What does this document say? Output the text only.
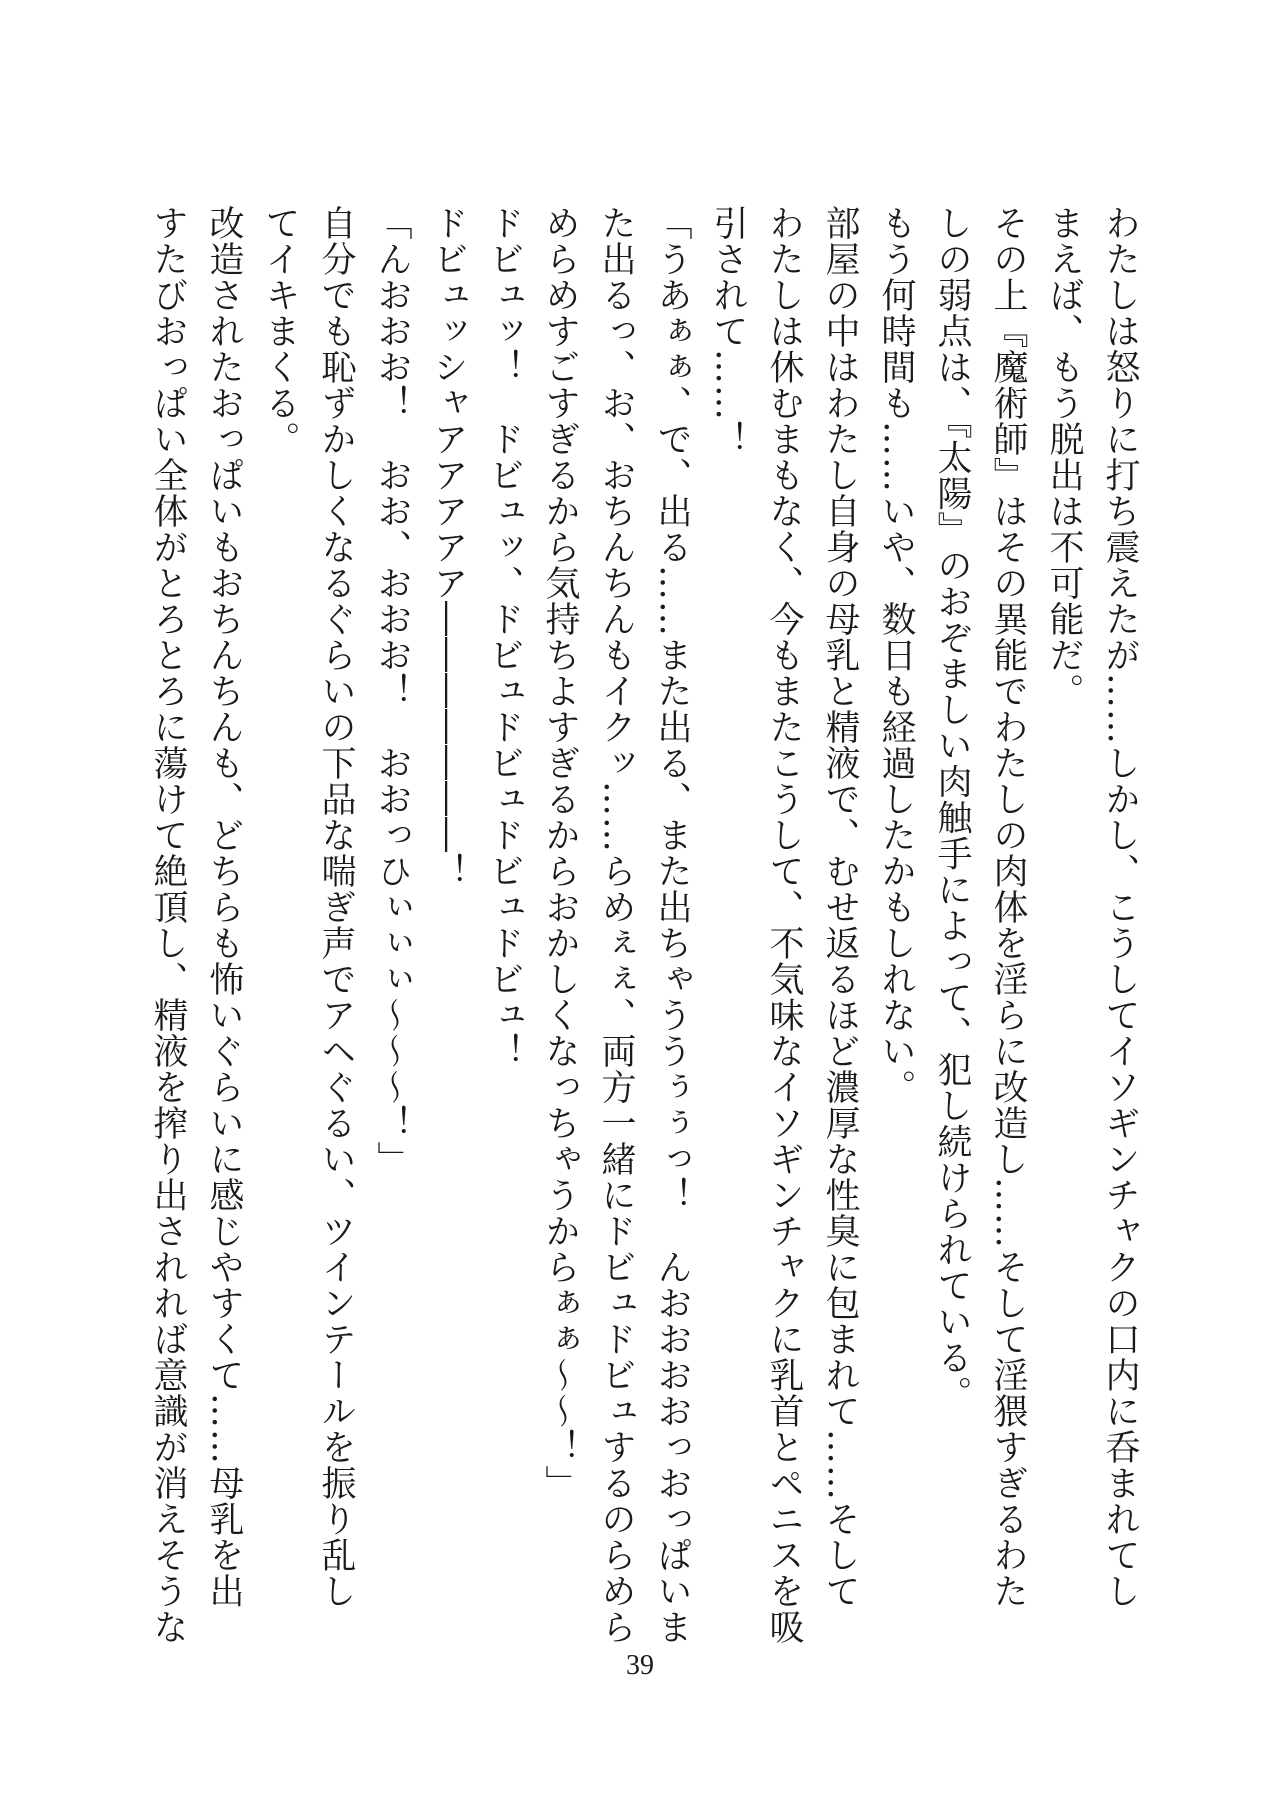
わたしは怒りに打ち震えたが……しかし、こうしてイソギンチャクの口内に呑まれてし
まえば、もう脱出は不可能だ。
その上『魔術師』はその異能でわたしの肉体を淫らに改造し……そして淫猥すぎるわた
しの弱点は、『太陽』のおぞましい肉触手によって、犯し続けられている。
もう何時間も……いや、数日も経過したかもしれない。
部屋の中はわたし自身の母乳と精液で、むせ返るほど濃厚な性臭に包まれて……そして
わたしは休むまもなく、今もまたこうして、不気味なイソギンチャクに乳首とペニスを吸
引されて……！
「うあぁぁ、で、出る……また出る、また出ちゃううぅぅっ！　んおおおおっおっぱいま
た出るっ、お、おちんちんもイクッ……らめぇぇ、両方一緒にドビュドビュするのらめら
めらめすごすぎるから気持ちよすぎるからおかしくなっちゃうからぁぁ～～！」
ドビュッ！　ドビュッ、ドビュドビュドビュドビュ！
ドビュッシャアアアアア―――――――！
「んおおお！　おお、おおお！　おおっひぃぃぃ～～～！」
自分でも恥ずかしくなるぐらいの下品な喘ぎ声でアヘぐるい、ツインテールを振り乱し
てイキまくる。
改造されたおっぱいもおちんちんも、どちらも怖いぐらいに感じやすくて……母乳を出
すたびおっぱい全体がとろとろに蕩けて絶頂し、精液を搾り出されれば意識が消えそうな
39
